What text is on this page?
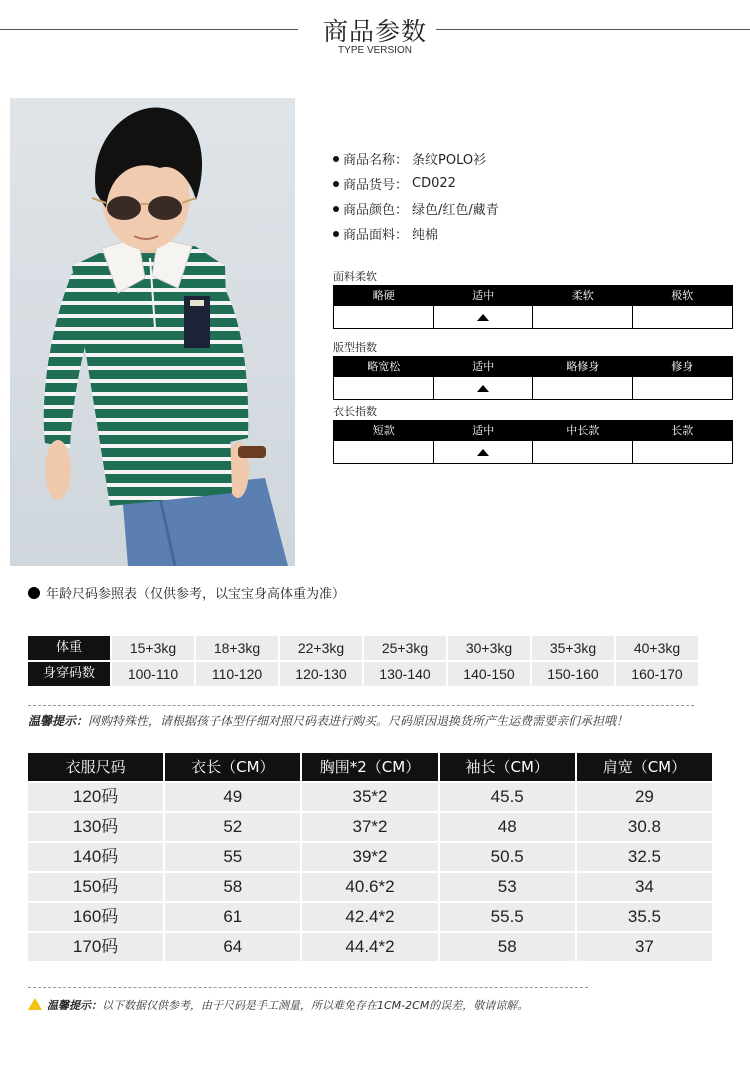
商品参数
TYPE VERSION
商品名称： 条纹POLO衫
商品货号： CD022
商品颜色： 绿色/红色/藏青
商品面料： 纯棉
面料柔软
略硬	适中	柔软	极软
版型指数
略宽松	适中	略修身	修身
衣长指数
短款	适中	中长款	长款
年龄尺码参照表（仅供参考，以宝宝身高体重为准）
体重	15+3kg	18+3kg	22+3kg	25+3kg	30+3kg	35+3kg	40+3kg
身穿码数	100-110	110-120	120-130	130-140	140-150	150-160	160-170
温馨提示：网购特殊性，请根据孩子体型仔细对照尺码表进行购买。尺码原因退换货所产生运费需要亲们承担哦！
衣服尺码	衣长（CM）	胸围*2（CM）	袖长（CM）	肩宽（CM）
120码	49	35*2	45.5	29
130码	52	37*2	48	30.8
140码	55	39*2	50.5	32.5
150码	58	40.6*2	53	34
160码	61	42.4*2	55.5	35.5
170码	64	44.4*2	58	37
温馨提示：以下数据仅供参考，由于尺码是手工测量，所以难免存在1CM-2CM的误差，敬请谅解。
